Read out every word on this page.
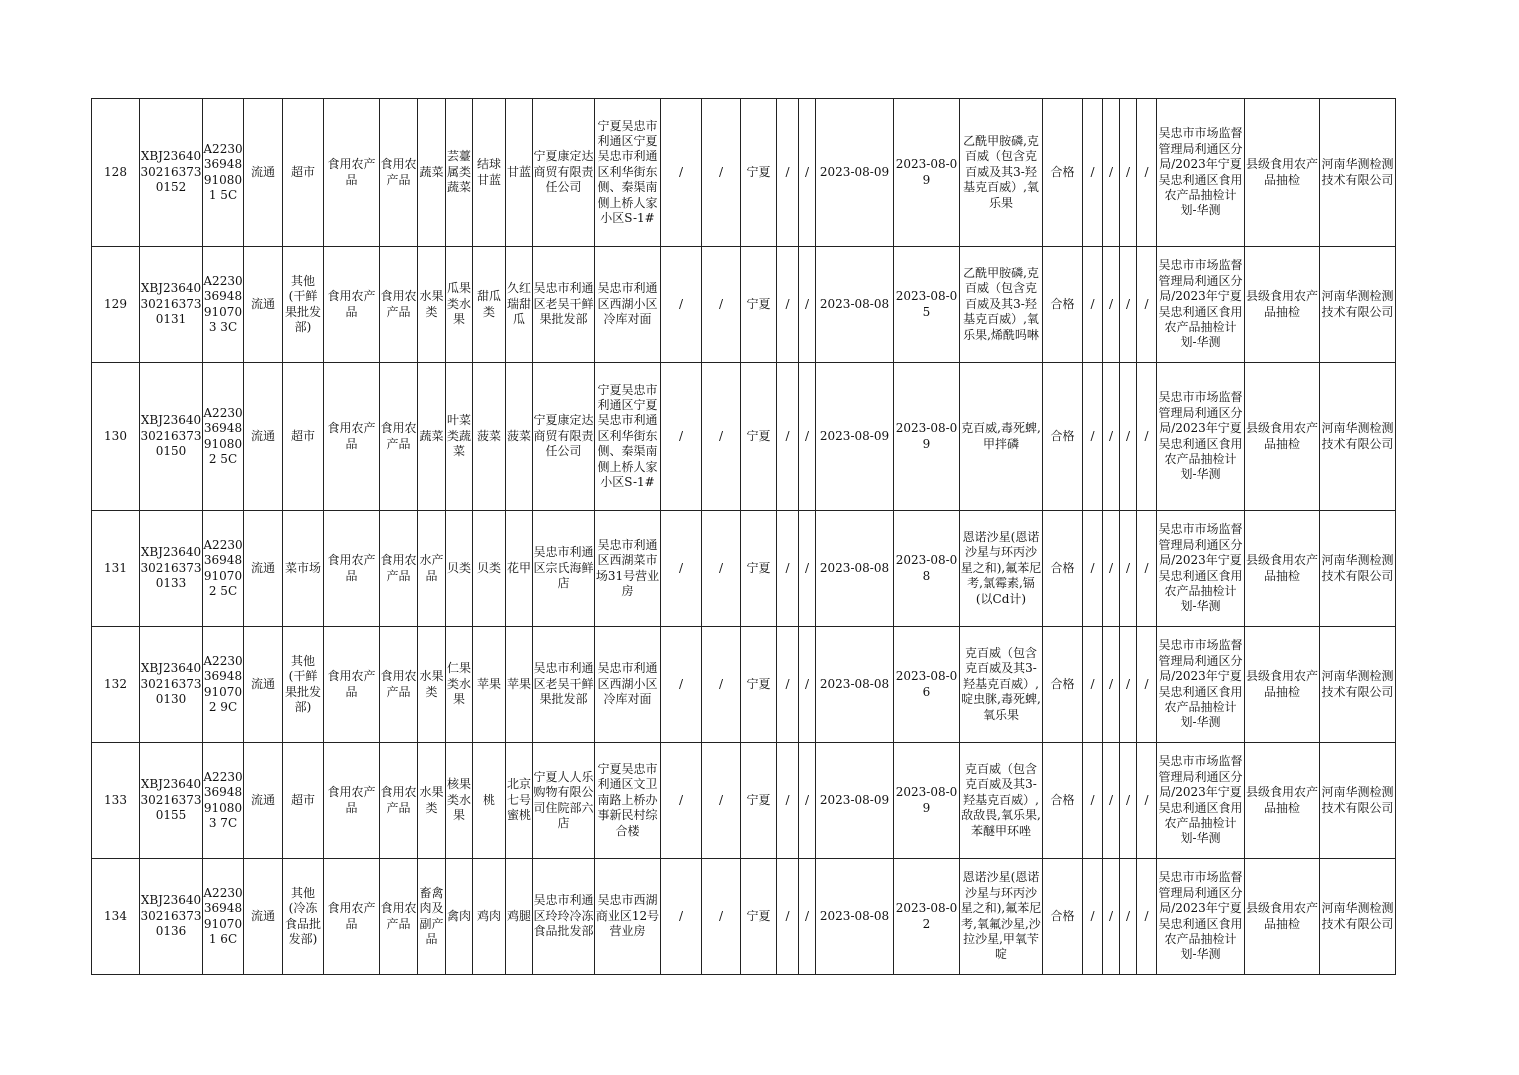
128	XBJ23640302163730152	A223036948910801 5C	流通	超市	食用农产品	食用农产品	蔬菜	芸薹属类蔬菜	结球甘蓝	甘蓝	宁夏康定达商贸有限责任公司	宁夏吴忠市利通区宁夏吴忠市利通区利华街东侧、秦渠南侧上桥人家小区S-1#	/	/	宁夏	/	/	2023-08-09	2023-08-09	乙酰甲胺磷,克百威（包含克百威及其3-羟基克百威）,氧乐果	合格	/	/	/	/	吴忠市市场监督管理局利通区分局/2023年宁夏吴忠利通区食用农产品抽检计划-华测	县级食用农产品抽检	河南华测检测技术有限公司
129	XBJ23640302163730131	A223036948910703 3C	流通	其他(干鲜果批发部)	食用农产品	食用农产品	水果类	瓜果类水果	甜瓜类	久红瑞甜瓜	吴忠市利通区老吴干鲜果批发部	吴忠市利通区西湖小区冷库对面	/	/	宁夏	/	/	2023-08-08	2023-08-05	乙酰甲胺磷,克百威（包含克百威及其3-羟基克百威）,氧乐果,烯酰吗啉	合格	/	/	/	/	吴忠市市场监督管理局利通区分局/2023年宁夏吴忠利通区食用农产品抽检计划-华测	县级食用农产品抽检	河南华测检测技术有限公司
130	XBJ23640302163730150	A223036948910802 5C	流通	超市	食用农产品	食用农产品	蔬菜	叶菜类蔬菜	菠菜	菠菜	宁夏康定达商贸有限责任公司	宁夏吴忠市利通区宁夏吴忠市利通区利华街东侧、秦渠南侧上桥人家小区S-1#	/	/	宁夏	/	/	2023-08-09	2023-08-09	克百威,毒死蜱,甲拌磷	合格	/	/	/	/	吴忠市市场监督管理局利通区分局/2023年宁夏吴忠利通区食用农产品抽检计划-华测	县级食用农产品抽检	河南华测检测技术有限公司
131	XBJ23640302163730133	A223036948910702 5C	流通	菜市场	食用农产品	食用农产品	水产品	贝类	贝类	花甲	吴忠市利通区宗氏海鲜店	吴忠市利通区西湖菜市场31号营业房	/	/	宁夏	/	/	2023-08-08	2023-08-08	恩诺沙星(恩诺沙星与环丙沙星之和),氟苯尼考,氯霉素,镉(以Cd计)	合格	/	/	/	/	吴忠市市场监督管理局利通区分局/2023年宁夏吴忠利通区食用农产品抽检计划-华测	县级食用农产品抽检	河南华测检测技术有限公司
132	XBJ23640302163730130	A223036948910702 9C	流通	其他(干鲜果批发部)	食用农产品	食用农产品	水果类	仁果类水果	苹果	苹果	吴忠市利通区老吴干鲜果批发部	吴忠市利通区西湖小区冷库对面	/	/	宁夏	/	/	2023-08-08	2023-08-06	克百威（包含克百威及其3-羟基克百威）,啶虫脒,毒死蜱,氧乐果	合格	/	/	/	/	吴忠市市场监督管理局利通区分局/2023年宁夏吴忠利通区食用农产品抽检计划-华测	县级食用农产品抽检	河南华测检测技术有限公司
133	XBJ23640302163730155	A223036948910803 7C	流通	超市	食用农产品	食用农产品	水果类	核果类水果	桃	北京七号蜜桃	宁夏人人乐购物有限公司住院部六店	宁夏吴忠市利通区文卫南路上桥办事新民村综合楼	/	/	宁夏	/	/	2023-08-09	2023-08-09	克百威（包含克百威及其3-羟基克百威）,敌敌畏,氧乐果,苯醚甲环唑	合格	/	/	/	/	吴忠市市场监督管理局利通区分局/2023年宁夏吴忠利通区食用农产品抽检计划-华测	县级食用农产品抽检	河南华测检测技术有限公司
134	XBJ23640302163730136	A223036948910701 6C	流通	其他(冷冻食品批发部)	食用农产品	食用农产品	畜禽肉及副产品	禽肉	鸡肉	鸡腿	吴忠市利通区玲玲冷冻食品批发部	吴忠市西湖商业区12号营业房	/	/	宁夏	/	/	2023-08-08	2023-08-02	恩诺沙星(恩诺沙星与环丙沙星之和),氟苯尼考,氧氟沙星,沙拉沙星,甲氧苄啶	合格	/	/	/	/	吴忠市市场监督管理局利通区分局/2023年宁夏吴忠利通区食用农产品抽检计划-华测	县级食用农产品抽检	河南华测检测技术有限公司
